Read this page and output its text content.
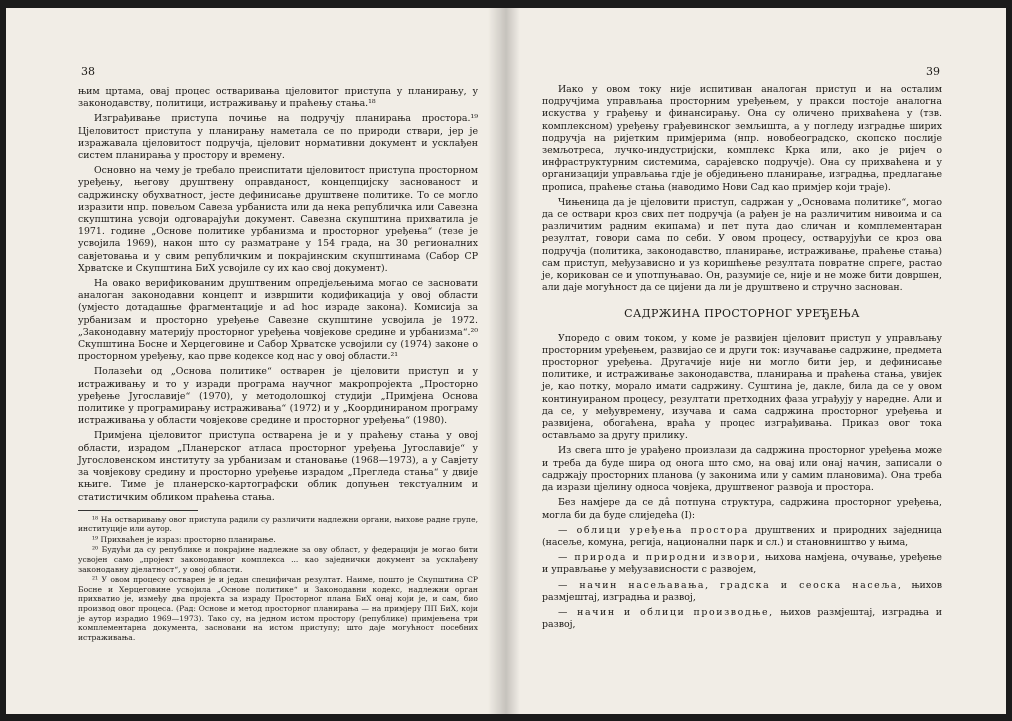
38

њим цртама, овај процес остваривања цјеловитог приступа у планирању, у законодавству, политици, истраживању и праћењу стања.¹⁸

Изграђивање приступа почиње на подручју планирања простора.¹⁹ Цјеловитост приступа у планирању наметала се по природи ствари, јер је изражавала цјеловитост подручја, цјеловит нормативни документ и усклађен систем планирања у простору и времену.

Основно на чему је требало преиспитати цјеловитост приступа просторном уређењу, његову друштвену оправданост, концепцијску заснованост и садржинску обухватност, јесте дефинисање друштвене политике. То се могло изразити нпр. повељом Савеза урбаниста или да нека републичка или Савезна скупштина усвоји одговарајући документ. Савезна скупштина прихватила је 1971. године „Основе политике урбанизма и просторног уређења“ (тезе је усвојила 1969), након што су разматране у 154 града, на 30 регионалних савјетовања и у свим републичким и покрајинским скупштинама (Сабор СР Хрватске и Скупштина БиХ усвојиле су их као свој документ).

На овако верификованим друштвеним опредјељењима могао се засновати аналоган законодавни концепт и извршити кодификација у овој области (умјесто дотадашње фрагментације и ad hoc израде закона). Комисија за урбанизам и просторно уређење Савезне скупштине усвојила је 1972. „Законодавну материју просторног уређења човјекове средине и урбанизма“.²⁰ Скупштина Босне и Херцеговине и Сабор Хрватске усвојили су (1974) законе о просторном уређењу, као прве кодексе код нас у овој области.²¹

Полазећи од „Основа политике“ остварен је цјеловити приступ и у истраживању и то у изради програма научног макропројекта „Просторно уређење Југославије“ (1970), у методолошкој студији „Примјена Основа политике у програмирању истраживања“ (1972) и у „Координираном програму истраживања у области човјекове средине и просторног уређења“ (1980).

Примјена цјеловитог приступа остварена је и у праћењу стања у овој области, израдом „Планерског атласа просторног уређења Југославије“ у Југословенском институту за урбанизам и становање (1968—1973), а у Савјету за човјекову средину и просторно уређење израдом „Прегледа стања“ у двије књиге. Тиме је планерско-картографски облик допуњен текстуалним и статистичким обликом праћења стања.

¹⁸ На остваривању овог приступа радили су различити надлежни органи, њихове радне групе, институције или аутор.

¹⁹ Прихваћен је израз: просторно планирање.

²⁰ Будући да су републике и покрајине надлежне за ову област, у федерацији је могао бити усвојен само „пројект законодавног комплекса ... као заједнички документ за усклађену законодавну дјелатност“, у овој области.

²¹ У овом процесу остварен је и један специфичан резултат. Наиме, пошто је Скупштина СР Босне и Херцеговине усвојила „Основе политике“ и Законодавни кодекс, надлежни орган прихватио је, између два пројекта за израду Просторног плана БиХ онај који је, и сам, био производ овог процеса. (Рад: Основе и метод просторног планирања — на примјеру ПП БиХ, који је аутор израдио 1969—1973). Тако су, на једном истом простору (републике) примјењена три комплементарна документа, засновани на истом приступу; што даје могућност посебних истраживања.

39

Иако у овом току није испитиван аналоган приступ и на осталим подручјима управљања просторним уређењем, у пракси постоје аналогна искуства у грађењу и финансирању. Она су оличено прихваћена у (тзв. комплексном) уређењу грађевинског земљишта, а у погледу изградње ширих подручја на ријетким примјерима (нпр. новобеоградско, скопско послије земљотреса, лучко-индустријски, комплекс Крка или, ако је ријеч о инфраструктурним системима, сарајевско подручје). Она су прихваћена и у организацији управљања гдје је обједињено планирање, изградња, предлагање прописа, праћење стања (наводимо Нови Сад као примјер који траје).

Чињеница да је цјеловити приступ, садржан у „Основама политике“, могао да се оствари кроз свих пет подручја (а рађен је на различитим нивоима и са различитим радним екипама) и пет пута дао сличан и комплементаран резултат, говори сама по себи. У овом процесу, остварујући се кроз ова подручја (политика, законодавство, планирање, истраживање, праћење стања) сам приступ, међузависно и уз коришћење резултата повратне спреге, растао је, корикован се и употпуњавао. Он, разумије се, није и не може бити довршен, али даје могућност да се цијени да ли је друштвено и стручно заснован.

САДРЖИНА ПРОСТОРНОГ УРЕЂЕЊА

Упоредо с овим током, у коме је развијен цјеловит приступ у управљању просторним уређењем, развијао се и други ток: изучавање садржине, предмета просторног уређења. Другачије није ни могло бити јер, и дефинисање политике, и истраживање законодавства, планирања и праћења стања, увијек је, као потку, морало имати садржину. Суштина је, дакле, била да се у овом континуираном процесу, резултати претходних фаза уграђују у наредне. Али и да се, у међувремену, изучава и сама садржина просторног уређења и развијена, обогаћена, враћа у процес изграђивања. Приказ овог тока остављамо за другу прилику.

Из свега што је урађено произлази да садржина просторног уређења може и треба да буде шира од онога што смо, на овај или онај начин, записали о садржају просторних планова (у законима или у самим плановима). Она треба да изрази цјелину односа човјека, друштвеног развоја и простора.

Без намјере да се дâ потпуна структура, садржина просторног уређења, могла би да буде слиједећа (I):

— облици уређења простора друштвених и природних заједница (насеље, комуна, регија, национални парк и сл.) и становништво у њима,

— природа и природни извори, њихова намјена, очување, уређење и управљање у међузависности с развојем,

— начин насељавања, градска и сеоска насеља, њихов размјештај, изградња и развој,

— начин и облици производње, њихов размјештај, изградња и развој,
